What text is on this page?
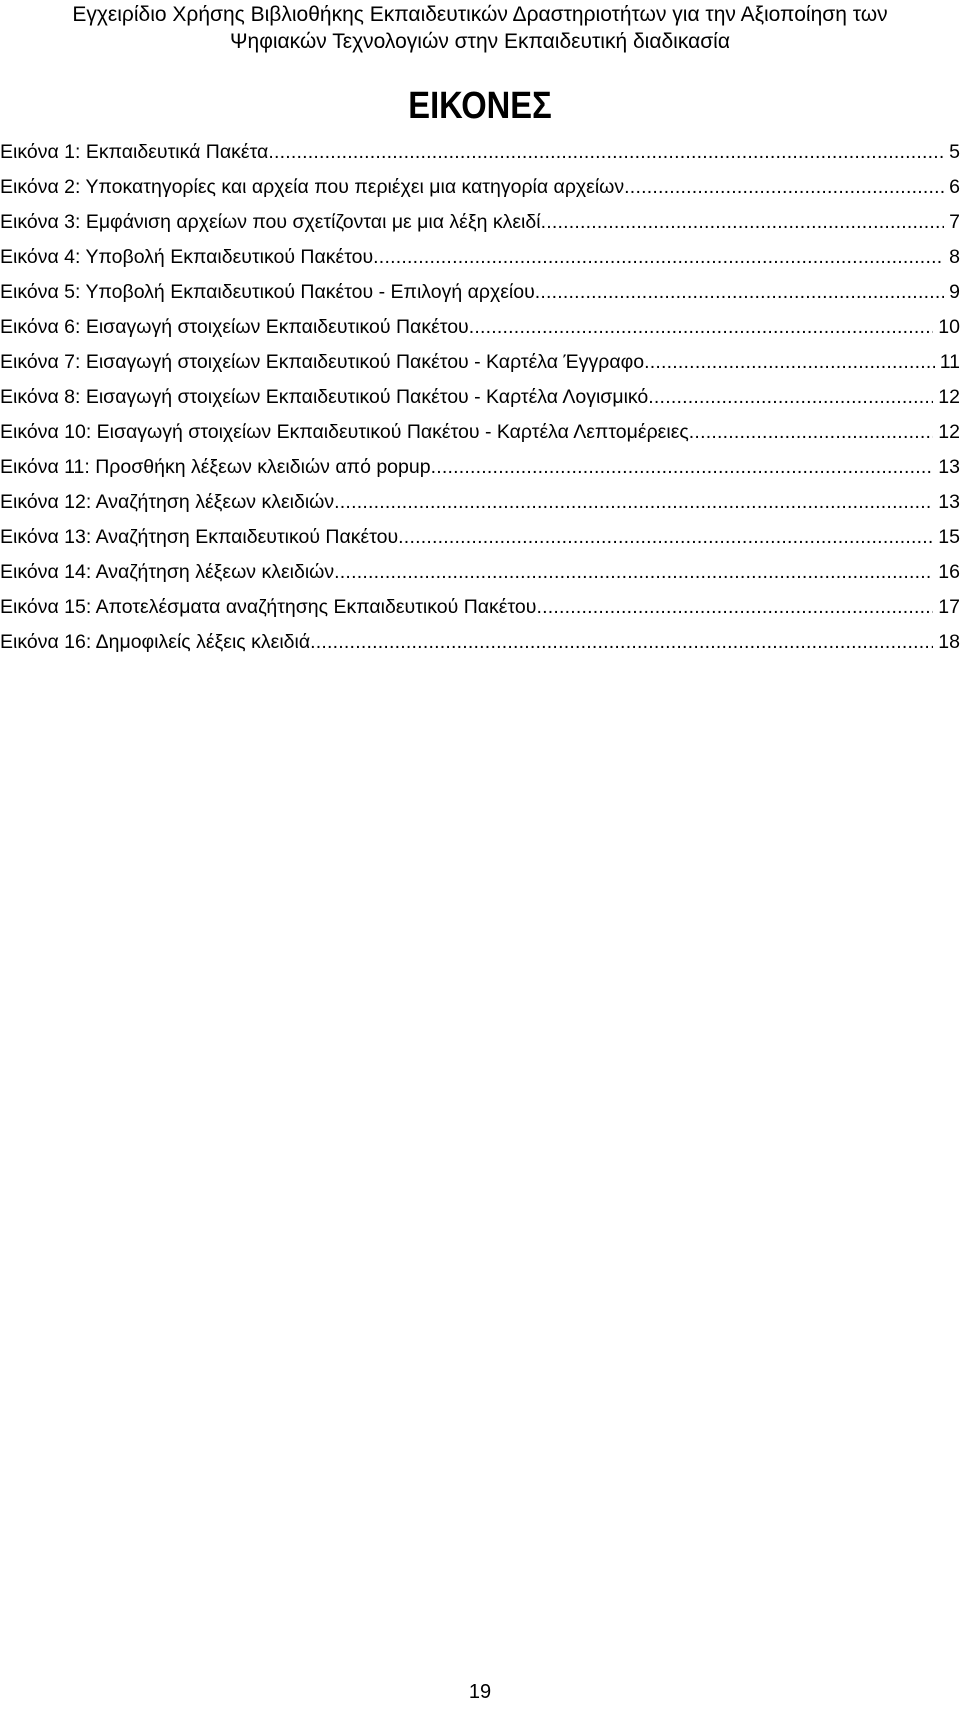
Εγχειρίδιο Χρήσης Βιβλιοθήκης Εκπαιδευτικών Δραστηριοτήτων για την Αξιοποίηση των
Ψηφιακών Τεχνολογιών στην Εκπαιδευτική διαδικασία
ΕΙΚΟΝΕΣ
Εικόνα 1: Εκπαιδευτικά Πακέτα . . .	5
Εικόνα 2: Υποκατηγορίες και αρχεία που περιέχει μια κατηγορία αρχείων . . .	6
Εικόνα 3: Εμφάνιση αρχείων που σχετίζονται με μια λέξη κλειδί . . .	7
Εικόνα 4: Υποβολή Εκπαιδευτικού Πακέτου . . .	8
Εικόνα 5: Υποβολή Εκπαιδευτικού Πακέτου - Επιλογή αρχείου . . .	9
Εικόνα 6: Εισαγωγή στοιχείων Εκπαιδευτικού Πακέτου . . .	10
Εικόνα 7: Εισαγωγή στοιχείων Εκπαιδευτικού Πακέτου - Καρτέλα Έγγραφο . . .	11
Εικόνα 8: Εισαγωγή στοιχείων Εκπαιδευτικού Πακέτου - Καρτέλα Λογισμικό . . .	12
Εικόνα 10: Εισαγωγή στοιχείων Εκπαιδευτικού Πακέτου - Καρτέλα Λεπτομέρειες . . .	12
Εικόνα 11: Προσθήκη λέξεων κλειδιών από popup . . .	13
Εικόνα 12: Αναζήτηση λέξεων κλειδιών . . .	13
Εικόνα 13: Αναζήτηση Εκπαιδευτικού Πακέτου . . .	15
Εικόνα 14: Αναζήτηση λέξεων κλειδιών . . .	16
Εικόνα 15: Αποτελέσματα αναζήτησης Εκπαιδευτικού Πακέτου . . .	17
Εικόνα 16: Δημοφιλείς λέξεις κλειδιά . . .	18
19
